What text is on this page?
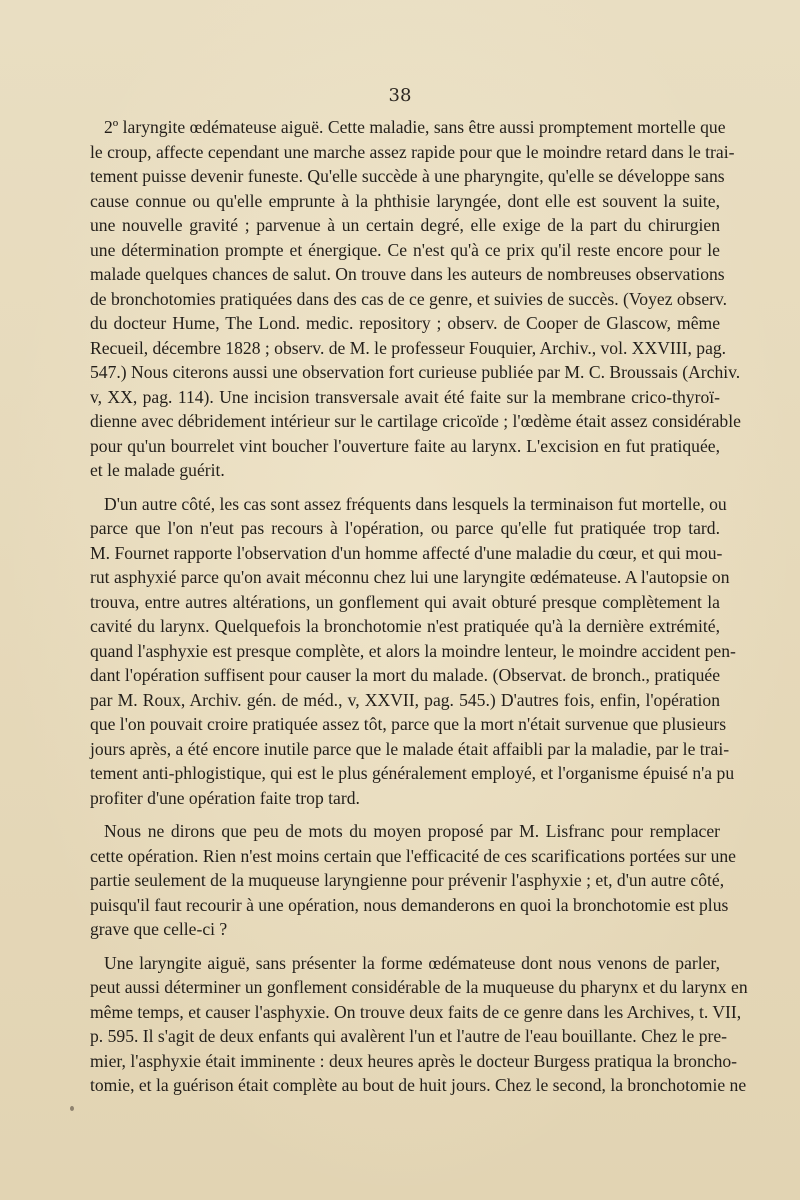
38
2º laryngite œdémateuse aiguë. Cette maladie, sans être aussi promptement mortelle que
le croup, affecte cependant une marche assez rapide pour que le moindre retard dans le trai-
tement puisse devenir funeste. Qu'elle succède à une pharyngite, qu'elle se développe sans
cause connue ou qu'elle emprunte à la phthisie laryngée, dont elle est souvent la suite,
une nouvelle gravité ; parvenue à un certain degré, elle exige de la part du chirurgien
une détermination prompte et énergique. Ce n'est qu'à ce prix qu'il reste encore pour le
malade quelques chances de salut. On trouve dans les auteurs de nombreuses observations
de bronchotomies pratiquées dans des cas de ce genre, et suivies de succès. (Voyez observ.
du docteur Hume, The Lond. medic. repository ; observ. de Cooper de Glascow, même
Recueil, décembre 1828 ; observ. de M. le professeur Fouquier, Archiv., vol. XXVIII, pag.
547.) Nous citerons aussi une observation fort curieuse publiée par M. C. Broussais (Archiv.
v, XX, pag. 114). Une incision transversale avait été faite sur la membrane crico-thyroï-
dienne avec débridement intérieur sur le cartilage cricoïde ; l'œdème était assez considérable
pour qu'un bourrelet vint boucher l'ouverture faite au larynx. L'excision en fut pratiquée,
et le malade guérit.
D'un autre côté, les cas sont assez fréquents dans lesquels la terminaison fut mortelle, ou
parce que l'on n'eut pas recours à l'opération, ou parce qu'elle fut pratiquée trop tard.
M. Fournet rapporte l'observation d'un homme affecté d'une maladie du cœur, et qui mou-
rut asphyxié parce qu'on avait méconnu chez lui une laryngite œdémateuse. A l'autopsie on
trouva, entre autres altérations, un gonflement qui avait obturé presque complètement la
cavité du larynx. Quelquefois la bronchotomie n'est pratiquée qu'à la dernière extrémité,
quand l'asphyxie est presque complète, et alors la moindre lenteur, le moindre accident pen-
dant l'opération suffisent pour causer la mort du malade. (Observat. de bronch., pratiquée
par M. Roux, Archiv. gén. de méd., v, XXVII, pag. 545.) D'autres fois, enfin, l'opération
que l'on pouvait croire pratiquée assez tôt, parce que la mort n'était survenue que plusieurs
jours après, a été encore inutile parce que le malade était affaibli par la maladie, par le trai-
tement anti-phlogistique, qui est le plus généralement employé, et l'organisme épuisé n'a pu
profiter d'une opération faite trop tard.
Nous ne dirons que peu de mots du moyen proposé par M. Lisfranc pour remplacer
cette opération. Rien n'est moins certain que l'efficacité de ces scarifications portées sur une
partie seulement de la muqueuse laryngienne pour prévenir l'asphyxie ; et, d'un autre côté,
puisqu'il faut recourir à une opération, nous demanderons en quoi la bronchotomie est plus
grave que celle-ci ?
Une laryngite aiguë, sans présenter la forme œdémateuse dont nous venons de parler,
peut aussi déterminer un gonflement considérable de la muqueuse du pharynx et du larynx en
même temps, et causer l'asphyxie. On trouve deux faits de ce genre dans les Archives, t. VII,
p. 595. Il s'agit de deux enfants qui avalèrent l'un et l'autre de l'eau bouillante. Chez le pre-
mier, l'asphyxie était imminente : deux heures après le docteur Burgess pratiqua la broncho-
tomie, et la guérison était complète au bout de huit jours. Chez le second, la bronchotomie ne
